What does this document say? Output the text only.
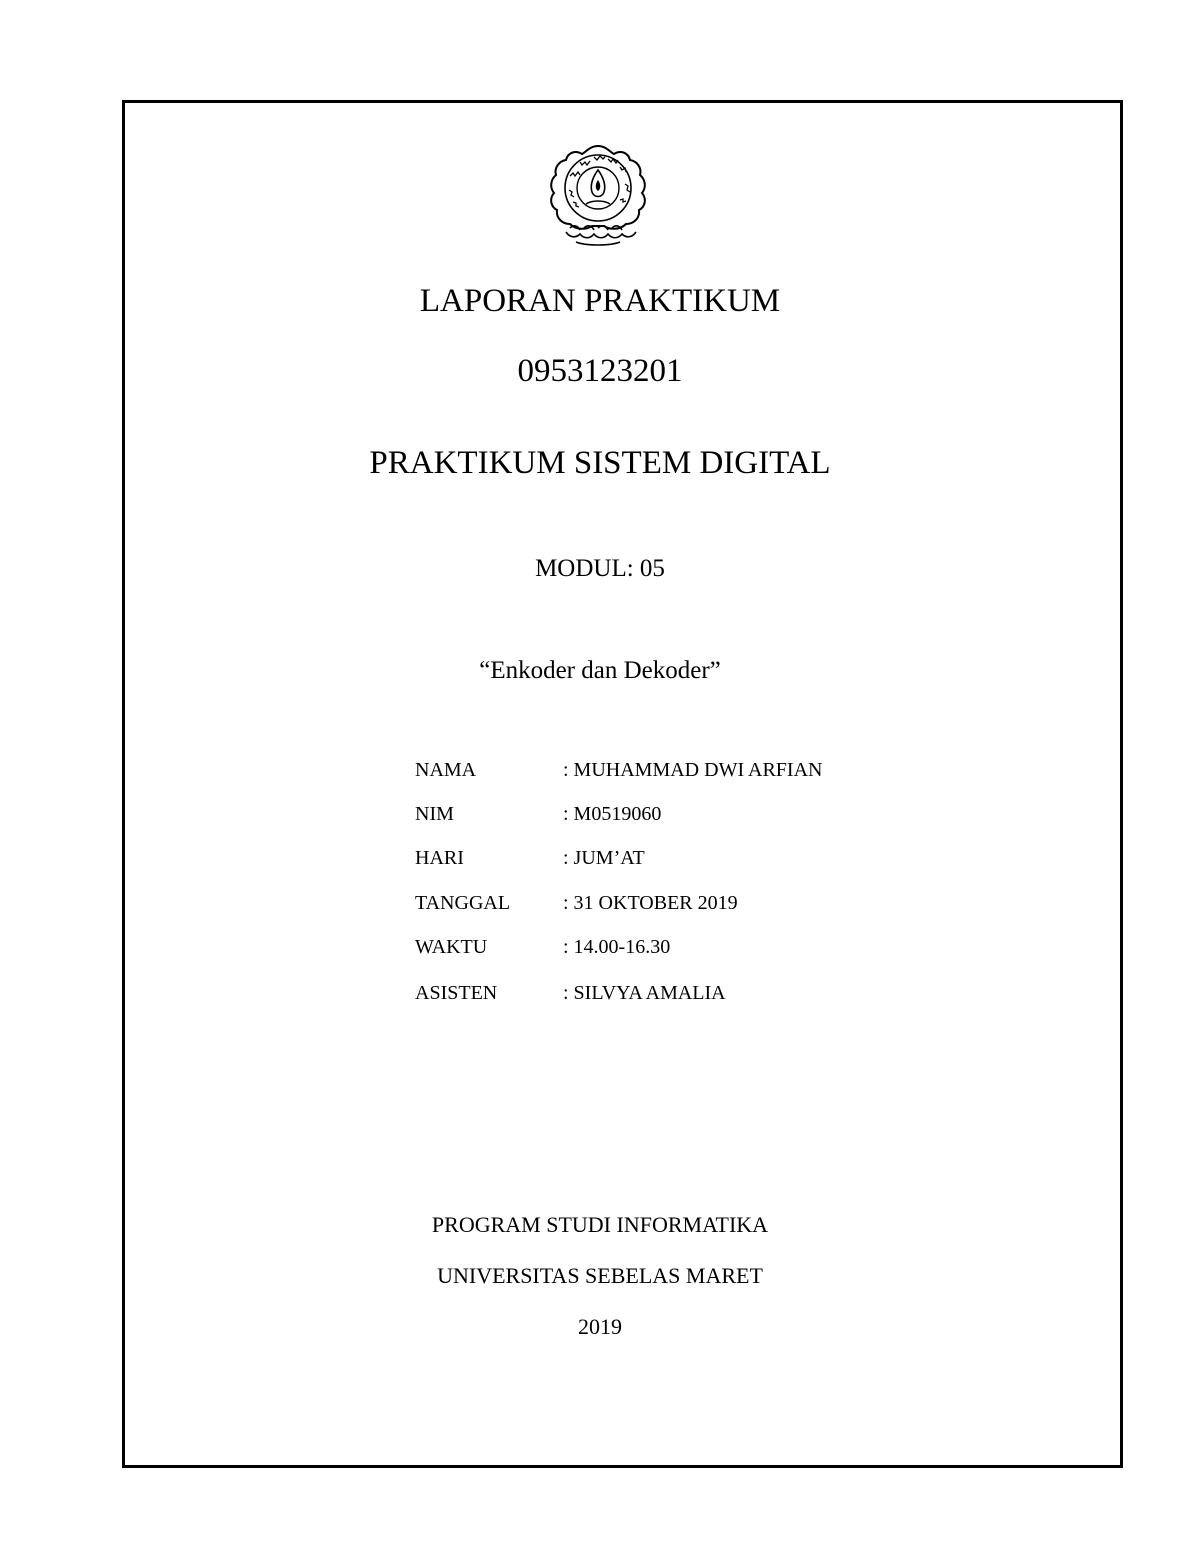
LAPORAN PRAKTIKUM
0953123201
PRAKTIKUM SISTEM DIGITAL
MODUL: 05
“Enkoder dan Dekoder”
NAMA	: MUHAMMAD DWI ARFIAN
NIM	: M0519060
HARI	: JUM’AT
TANGGAL	: 31 OKTOBER 2019
WAKTU	: 14.00-16.30
ASISTEN	: SILVYA AMALIA
PROGRAM STUDI INFORMATIKA
UNIVERSITAS SEBELAS MARET
2019
